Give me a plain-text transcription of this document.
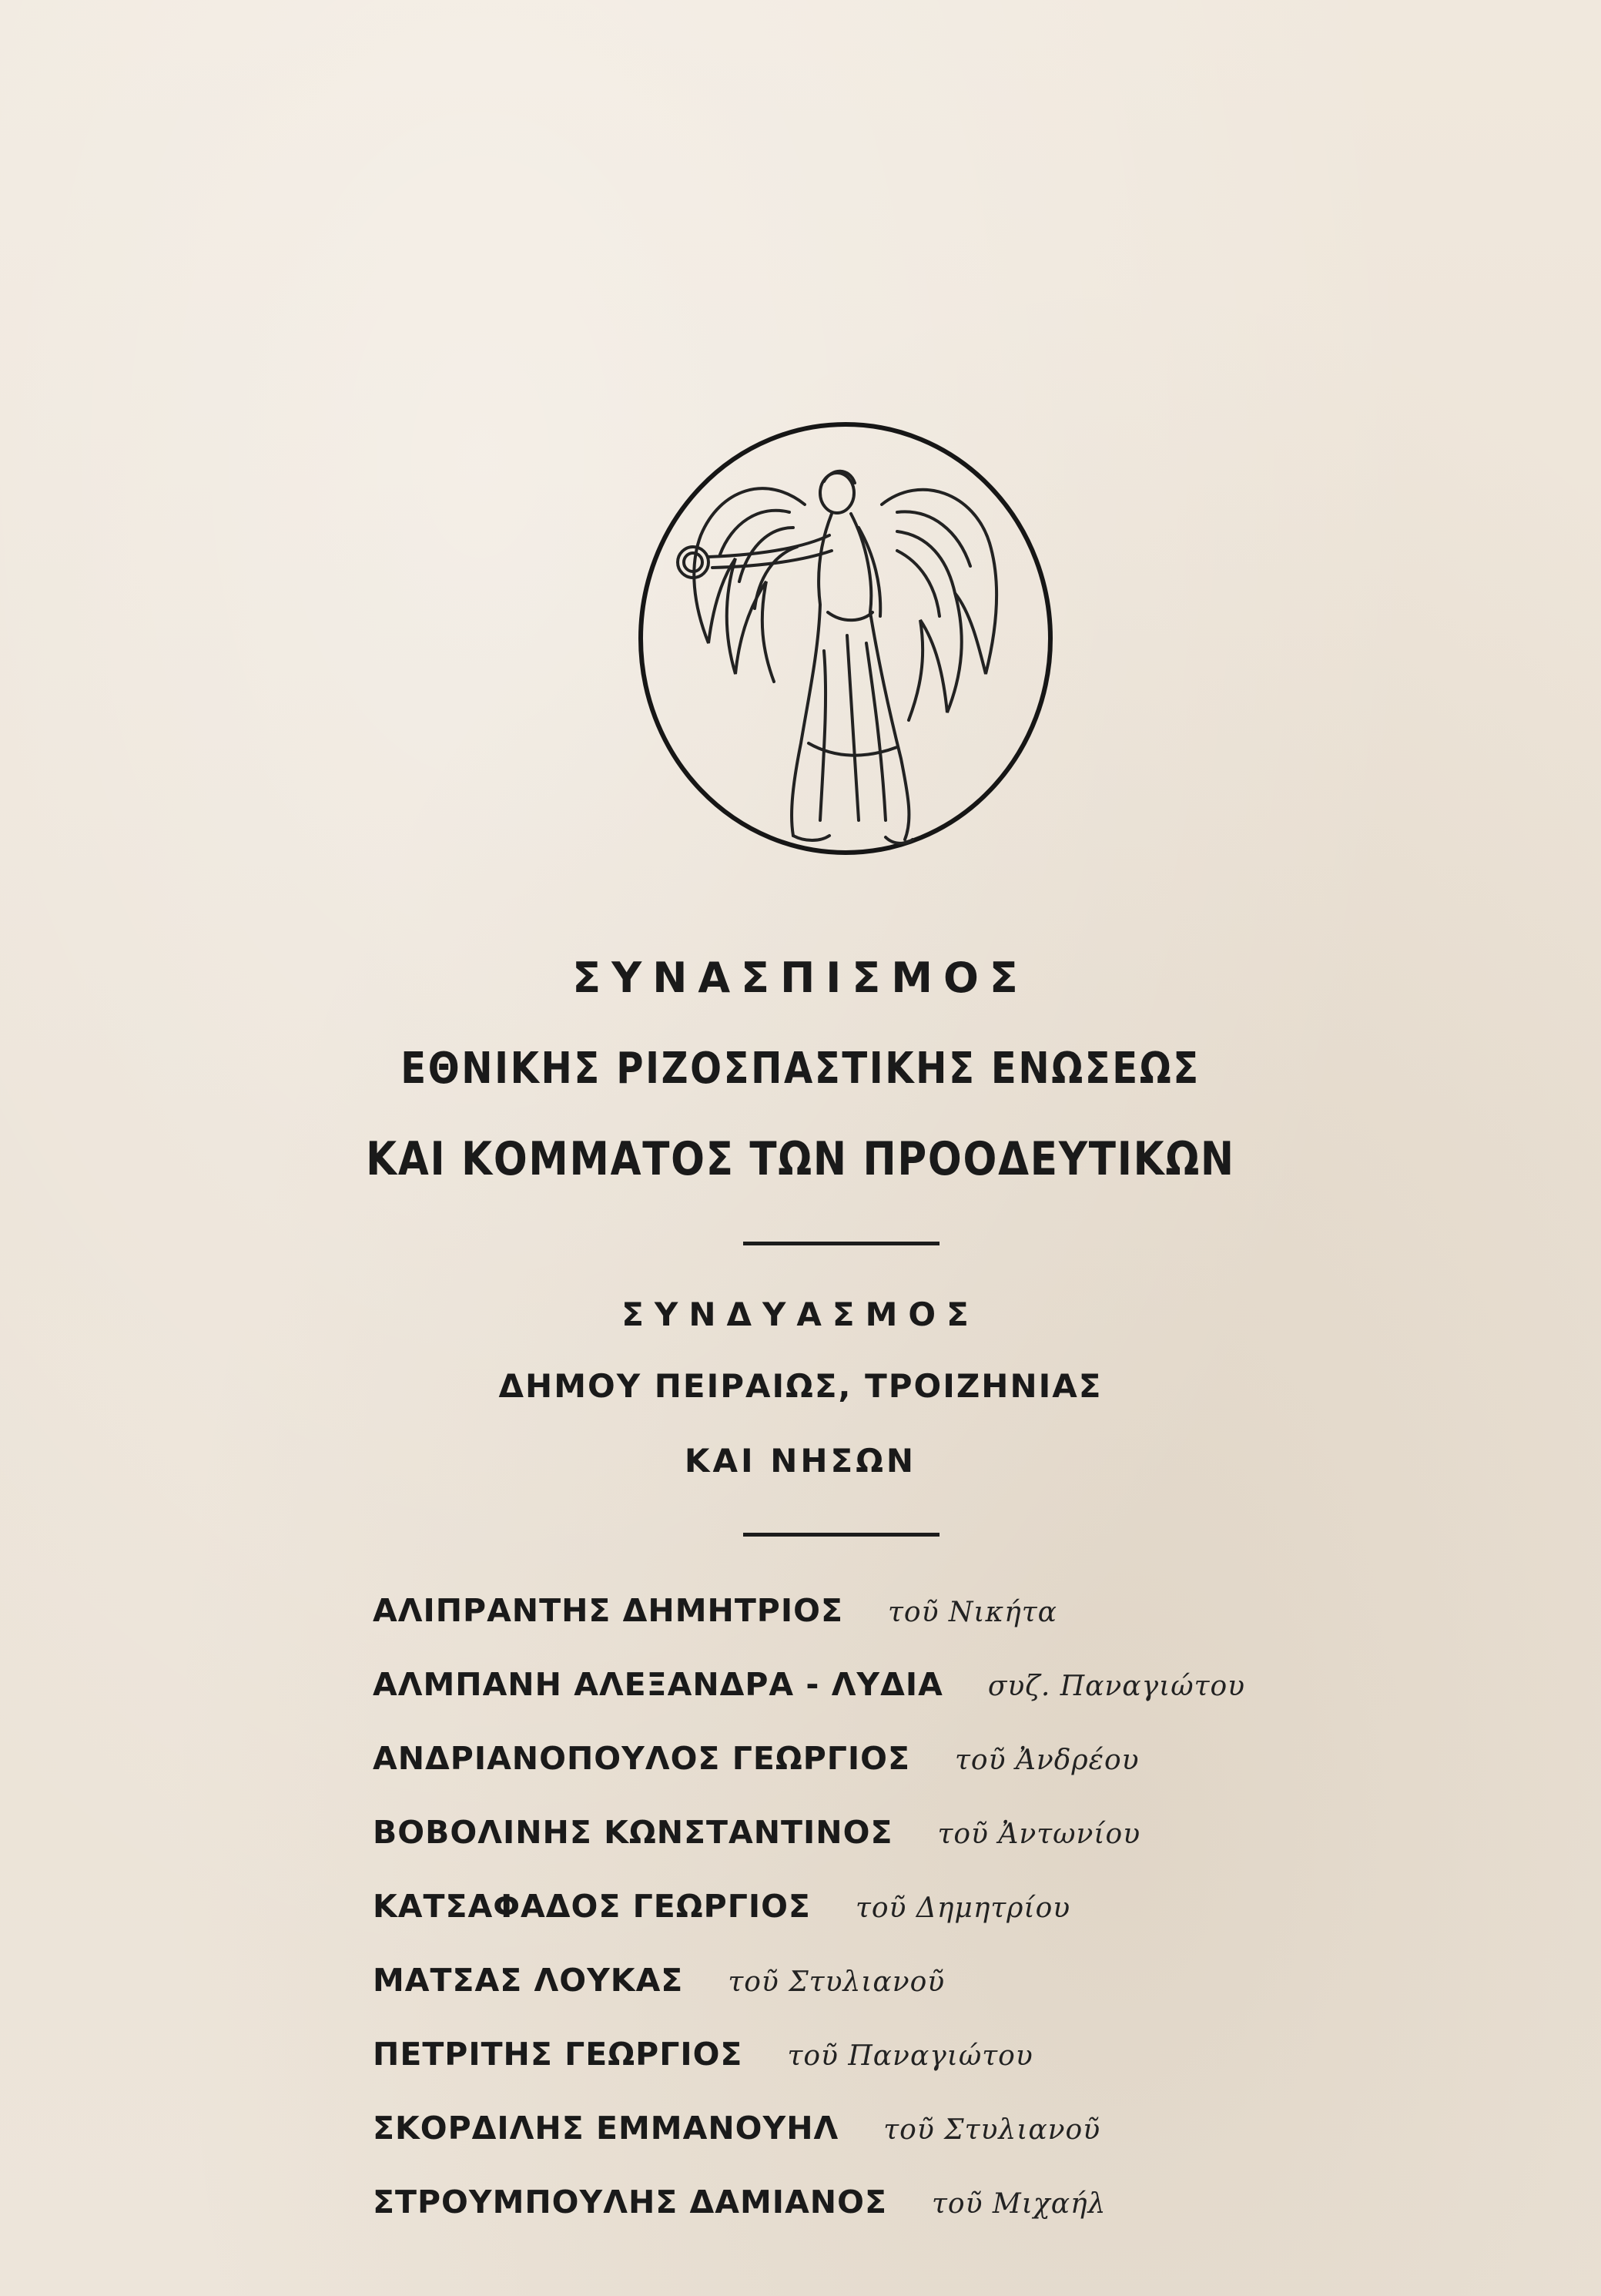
ΣΥΝΑΣΠΙΣΜΟΣ
ΕΘΝΙΚΗΣ ΡΙΖΟΣΠΑΣΤΙΚΗΣ ΕΝΩΣΕΩΣ
ΚΑΙ ΚΟΜΜΑΤΟΣ ΤΩΝ ΠΡΟΟΔΕΥΤΙΚΩΝ
ΣΥΝΔΥΑΣΜΟΣ
ΔΗΜΟΥ ΠΕΙΡΑΙΩΣ, ΤΡΟΙΖΗΝΙΑΣ
ΚΑΙ ΝΗΣΩΝ
ΑΛΙΠΡΑΝΤΗΣ ΔΗΜΗΤΡΙΟΣ τοῦ Νικήτα
ΑΛΜΠΑΝΗ ΑΛΕΞΑΝΔΡΑ - ΛΥΔΙΑ συζ. Παναγιώτου
ΑΝΔΡΙΑΝΟΠΟΥΛΟΣ ΓΕΩΡΓΙΟΣ τοῦ Ἀνδρέου
ΒΟΒΟΛΙΝΗΣ ΚΩΝΣΤΑΝΤΙΝΟΣ τοῦ Ἀντωνίου
ΚΑΤΣΑΦΑΔΟΣ ΓΕΩΡΓΙΟΣ τοῦ Δημητρίου
ΜΑΤΣΑΣ ΛΟΥΚΑΣ τοῦ Στυλιανοῦ
ΠΕΤΡΙΤΗΣ ΓΕΩΡΓΙΟΣ τοῦ Παναγιώτου
ΣΚΟΡΔΙΛΗΣ ΕΜΜΑΝΟΥΗΛ τοῦ Στυλιανοῦ
ΣΤΡΟΥΜΠΟΥΛΗΣ ΔΑΜΙΑΝΟΣ τοῦ Μιχαήλ
